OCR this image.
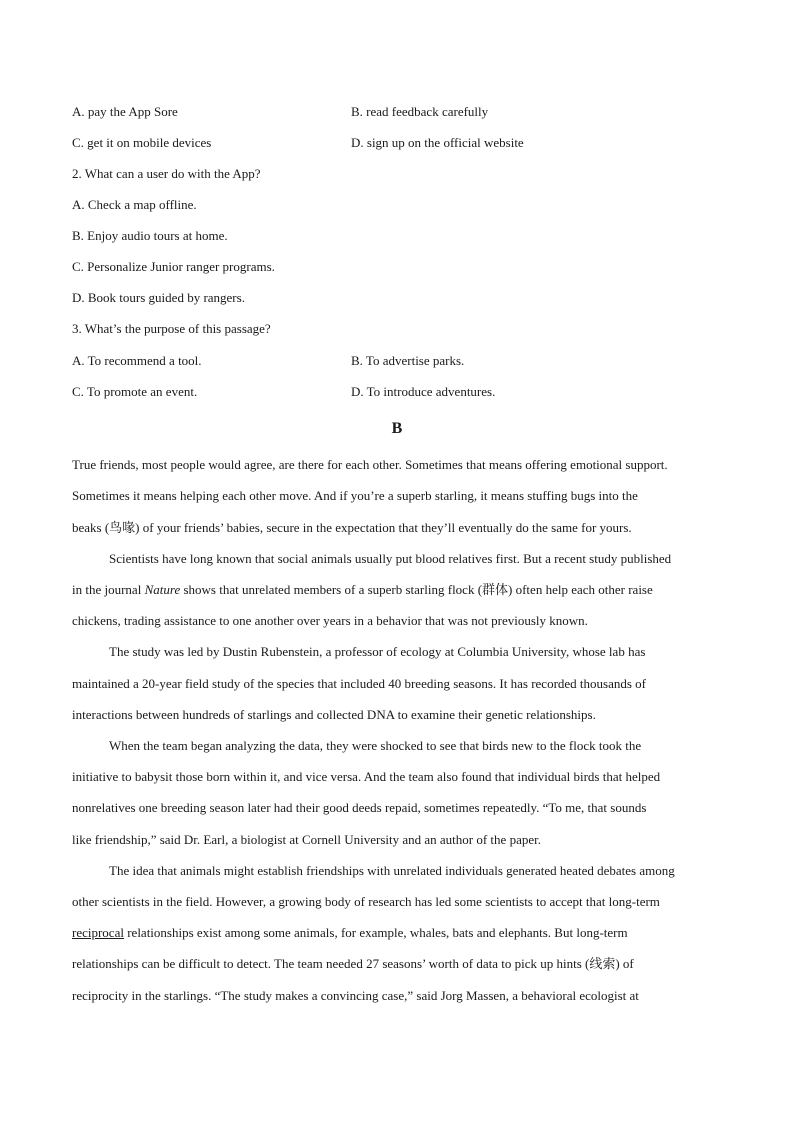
A. pay the App Sore	B. read feedback carefully
C. get it on mobile devices	D. sign up on the official website
2. What can a user do with the App?
A. Check a map offline.
B. Enjoy audio tours at home.
C. Personalize Junior ranger programs.
D. Book tours guided by rangers.
3. What’s the purpose of this passage?
A. To recommend a tool.	B. To advertise parks.
C. To promote an event.	D. To introduce adventures.
B
True friends, most people would agree, are there for each other. Sometimes that means offering emotional support.
Sometimes it means helping each other move. And if you’re a superb starling, it means stuffing bugs into the
beaks (鸟喙) of your friends’ babies, secure in the expectation that they’ll eventually do the same for yours.
Scientists have long known that social animals usually put blood relatives first. But a recent study published
in the journal Nature shows that unrelated members of a superb starling flock (群体) often help each other raise
chickens, trading assistance to one another over years in a behavior that was not previously known.
The study was led by Dustin Rubenstein, a professor of ecology at Columbia University, whose lab has
maintained a 20-year field study of the species that included 40 breeding seasons. It has recorded thousands of
interactions between hundreds of starlings and collected DNA to examine their genetic relationships.
When the team began analyzing the data, they were shocked to see that birds new to the flock took the
initiative to babysit those born within it, and vice versa. And the team also found that individual birds that helped
nonrelatives one breeding season later had their good deeds repaid, sometimes repeatedly. “To me, that sounds
like friendship,” said Dr. Earl, a biologist at Cornell University and an author of the paper.
The idea that animals might establish friendships with unrelated individuals generated heated debates among
other scientists in the field. However, a growing body of research has led some scientists to accept that long-term
reciprocal relationships exist among some animals, for example, whales, bats and elephants. But long-term
relationships can be difficult to detect. The team needed 27 seasons’ worth of data to pick up hints (线索) of
reciprocity in the starlings. “The study makes a convincing case,” said Jorg Massen, a behavioral ecologist at
